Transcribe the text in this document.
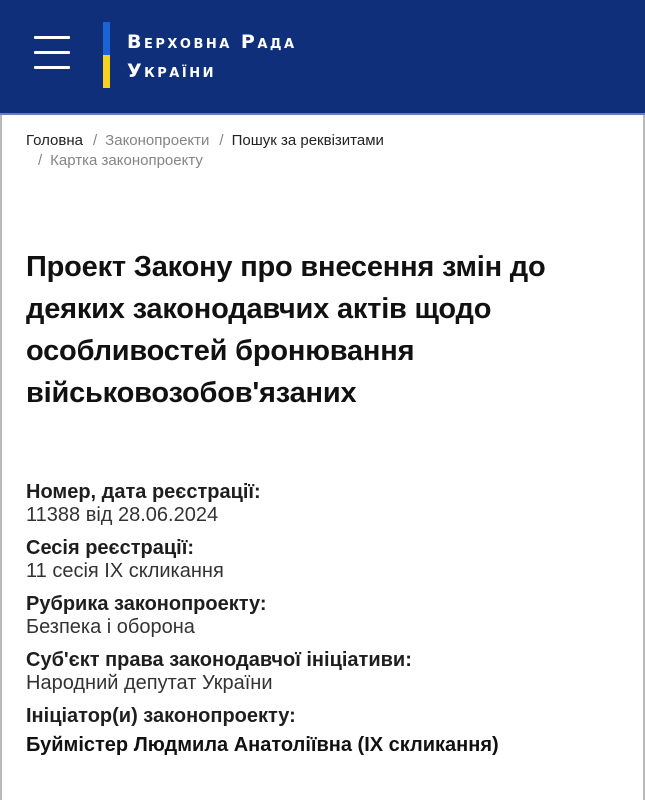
Верховна Рада
України
Головна / Законопроекти / Пошук за реквізитами
/ Картка законопроекту
Проект Закону про внесення змін до деяких законодавчих актів щодо особливостей бронювання військовозобов'язаних
Номер, дата реєстрації:
11388 від 28.06.2024
Сесія реєстрації:
11 сесія IX скликання
Рубрика законопроекту:
Безпека і оборона
Суб'єкт права законодавчої ініціативи:
Народний депутат України
Ініціатор(и) законопроекту:
Буймістер Людмила Анатоліївна (IX скликання)
